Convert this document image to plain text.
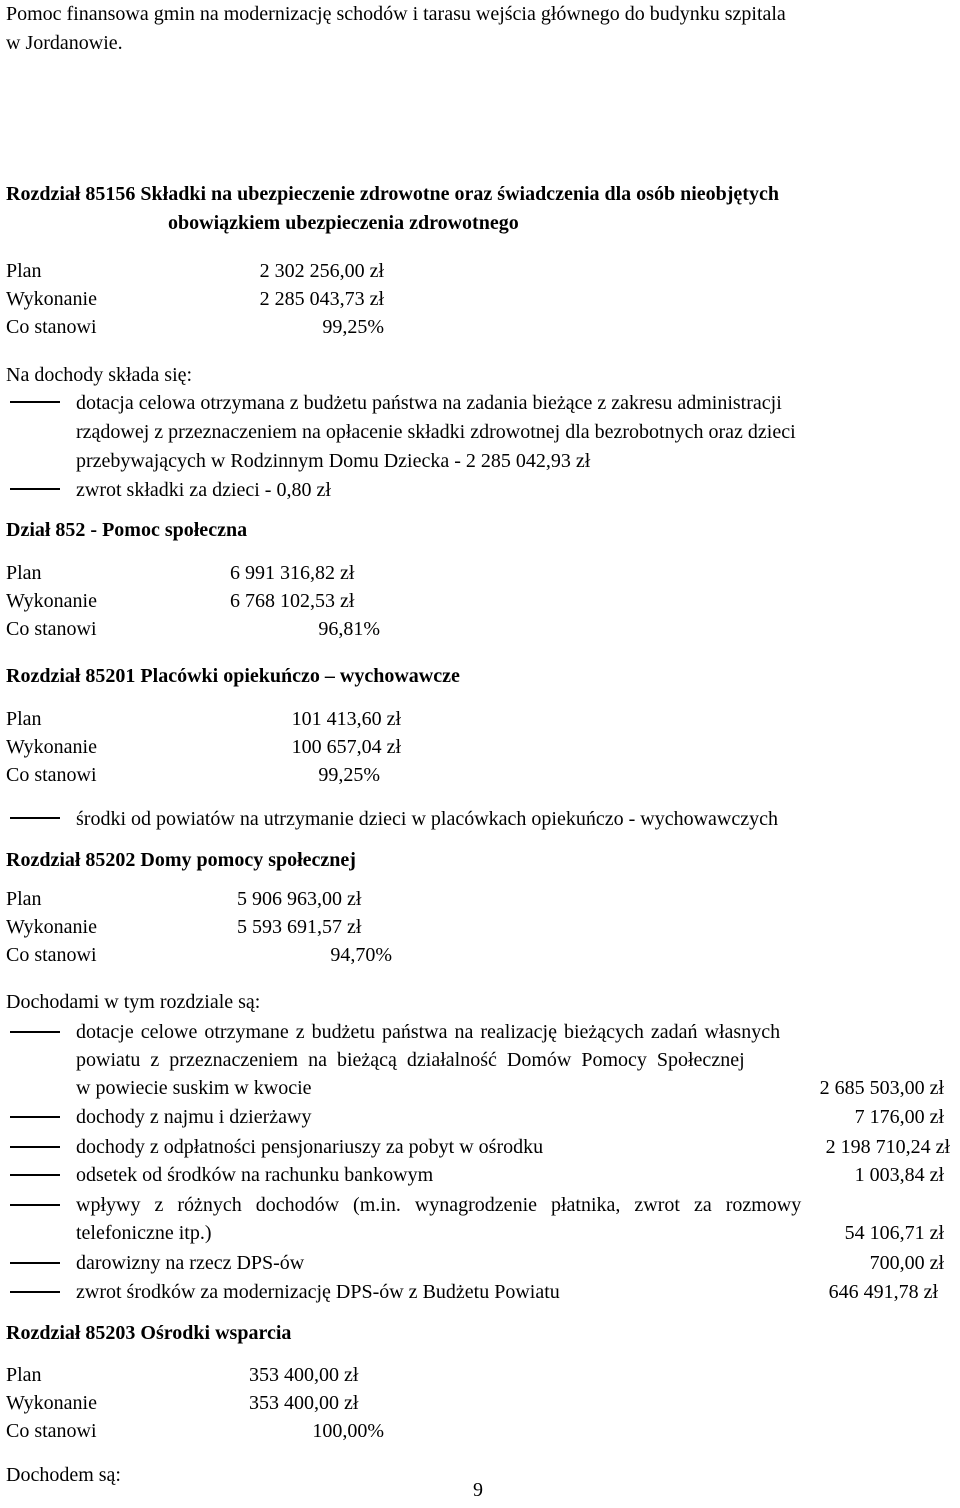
Pomoc finansowa gmin na modernizację schodów i tarasu wejścia głównego do budynku szpitala
w Jordanowie.
Rozdział 85156 Składki na ubezpieczenie zdrowotne oraz świadczenia dla osób nieobjętych
obowiązkiem ubezpieczenia zdrowotnego
Plan	2 302 256,00 zł
Wykonanie	2 285 043,73 zł
Co stanowi	99,25%
Na dochody składa się:
dotacja celowa otrzymana z budżetu państwa na zadania bieżące z zakresu administracji
rządowej z przeznaczeniem na opłacenie składki zdrowotnej dla bezrobotnych oraz dzieci
przebywających w Rodzinnym Domu Dziecka - 2 285 042,93 zł
zwrot składki za dzieci - 0,80 zł
Dział 852 - Pomoc społeczna
Plan	6 991 316,82 zł
Wykonanie	6 768 102,53 zł
Co stanowi	96,81%
Rozdział 85201 Placówki opiekuńczo – wychowawcze
Plan	101 413,60 zł
Wykonanie	100 657,04 zł
Co stanowi	99,25%
środki od powiatów na utrzymanie dzieci w placówkach opiekuńczo - wychowawczych
Rozdział 85202 Domy pomocy społecznej
Plan	5 906 963,00 zł
Wykonanie	5 593 691,57 zł
Co stanowi	94,70%
Dochodami w tym rozdziale są:
dotacje celowe otrzymane z budżetu państwa na realizację bieżących zadań własnych
powiatu z przeznaczeniem na bieżącą działalność Domów Pomocy Społecznej
w powiecie suskim w kwocie	2 685 503,00 zł
dochody z najmu i dzierżawy	7 176,00 zł
dochody z odpłatności pensjonariuszy za pobyt w ośrodku	2 198 710,24 zł
odsetek od środków na rachunku bankowym	1 003,84 zł
wpływy z różnych dochodów (m.in. wynagrodzenie płatnika, zwrot za rozmowy
telefoniczne itp.)	54 106,71 zł
darowizny na rzecz DPS-ów	700,00 zł
zwrot środków za modernizację DPS-ów z Budżetu Powiatu	646 491,78 zł
Rozdział 85203 Ośrodki wsparcia
Plan	353 400,00 zł
Wykonanie	353 400,00 zł
Co stanowi	100,00%
Dochodem są:
9
